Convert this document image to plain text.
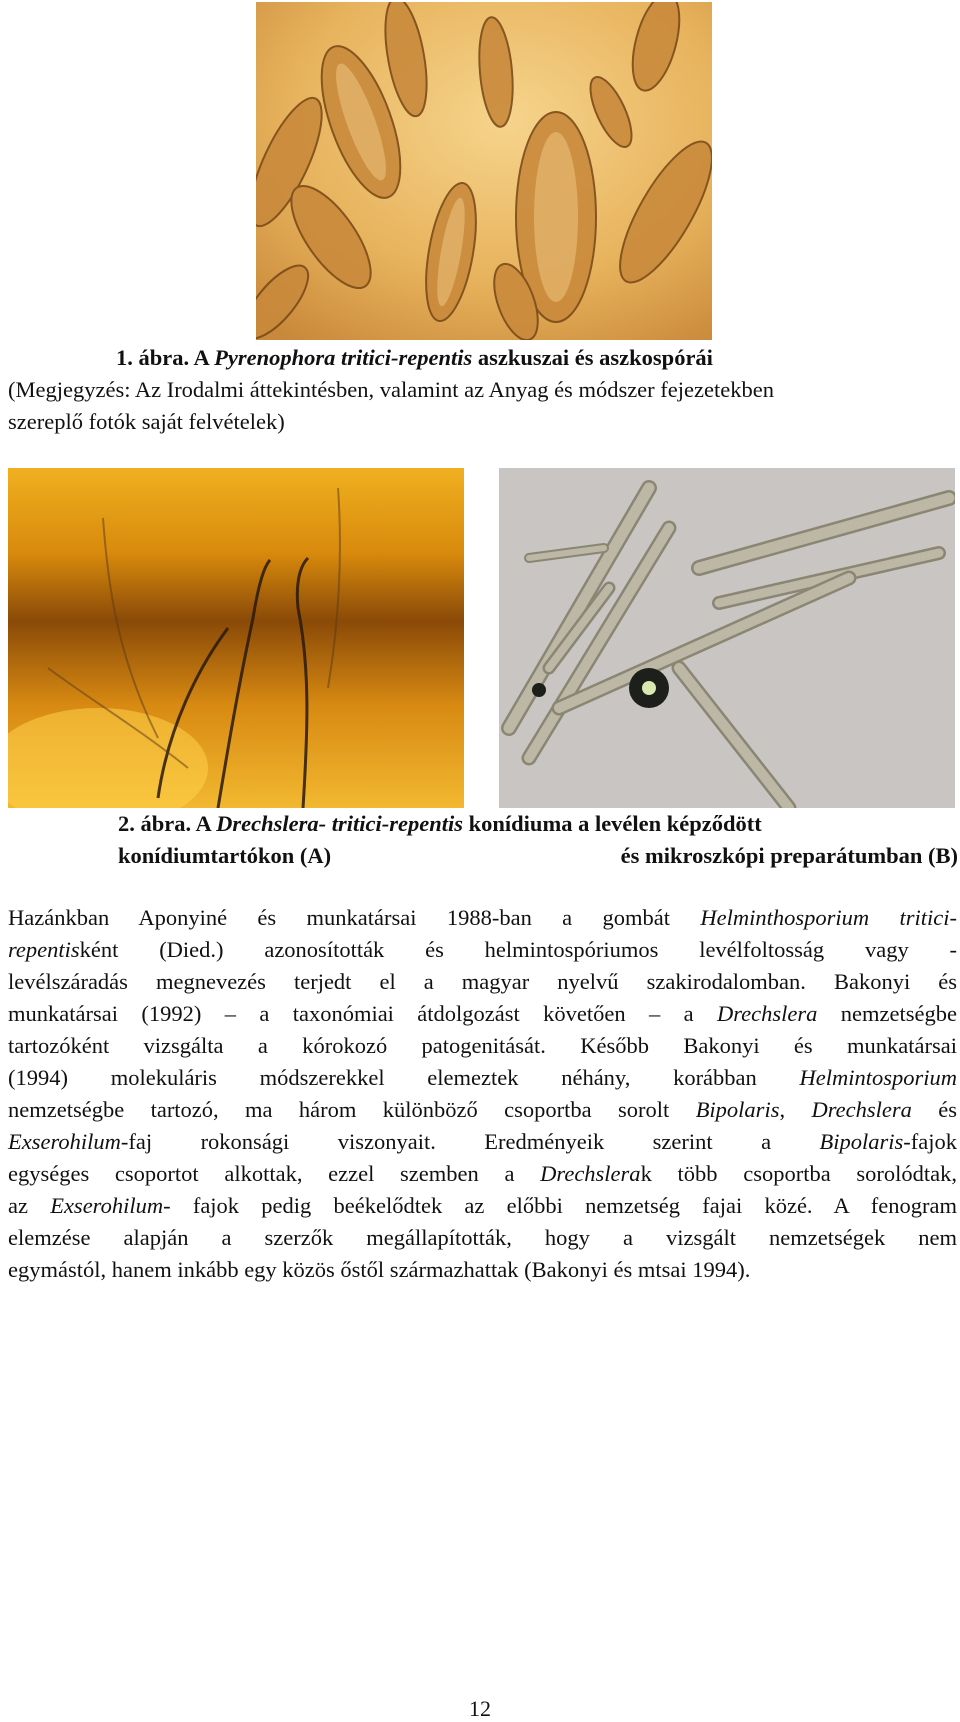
1. ábra. A Pyrenophora tritici-repentis aszkuszai és aszkospórái
(Megjegyzés: Az Irodalmi áttekintésben, valamint az Anyag és módszer fejezetekben
szereplő fotók saját felvételek)
2. ábra. A Drechslera- tritici-repentis konídiuma a levélen képződött
konídiumtartókon (A)	és mikroszkópi preparátumban (B)
Hazánkban Aponyiné és munkatársai 1988-ban a gombát Helminthosporium tritici-
repentisként (Died.) azonosították és helmintospóriumos levélfoltosság vagy -
levélszáradás megnevezés terjedt el a magyar nyelvű szakirodalomban. Bakonyi és
munkatársai (1992) – a taxonómiai átdolgozást követően – a Drechslera nemzetségbe
tartozóként vizsgálta a kórokozó patogenitását. Később Bakonyi és munkatársai
(1994) molekuláris módszerekkel elemeztek néhány, korábban Helmintosporium
nemzetségbe tartozó, ma három különböző csoportba sorolt Bipolaris, Drechslera és
Exserohilum-faj rokonsági viszonyait. Eredményeik szerint a Bipolaris-fajok
egységes csoportot alkottak, ezzel szemben a Drechslerak több csoportba sorolódtak,
az Exserohilum- fajok pedig beékelődtek az előbbi nemzetség fajai közé. A fenogram
elemzése alapján a szerzők megállapították, hogy a vizsgált nemzetségek nem
egymástól, hanem inkább egy közös őstől származhattak (Bakonyi és mtsai 1994).
12
